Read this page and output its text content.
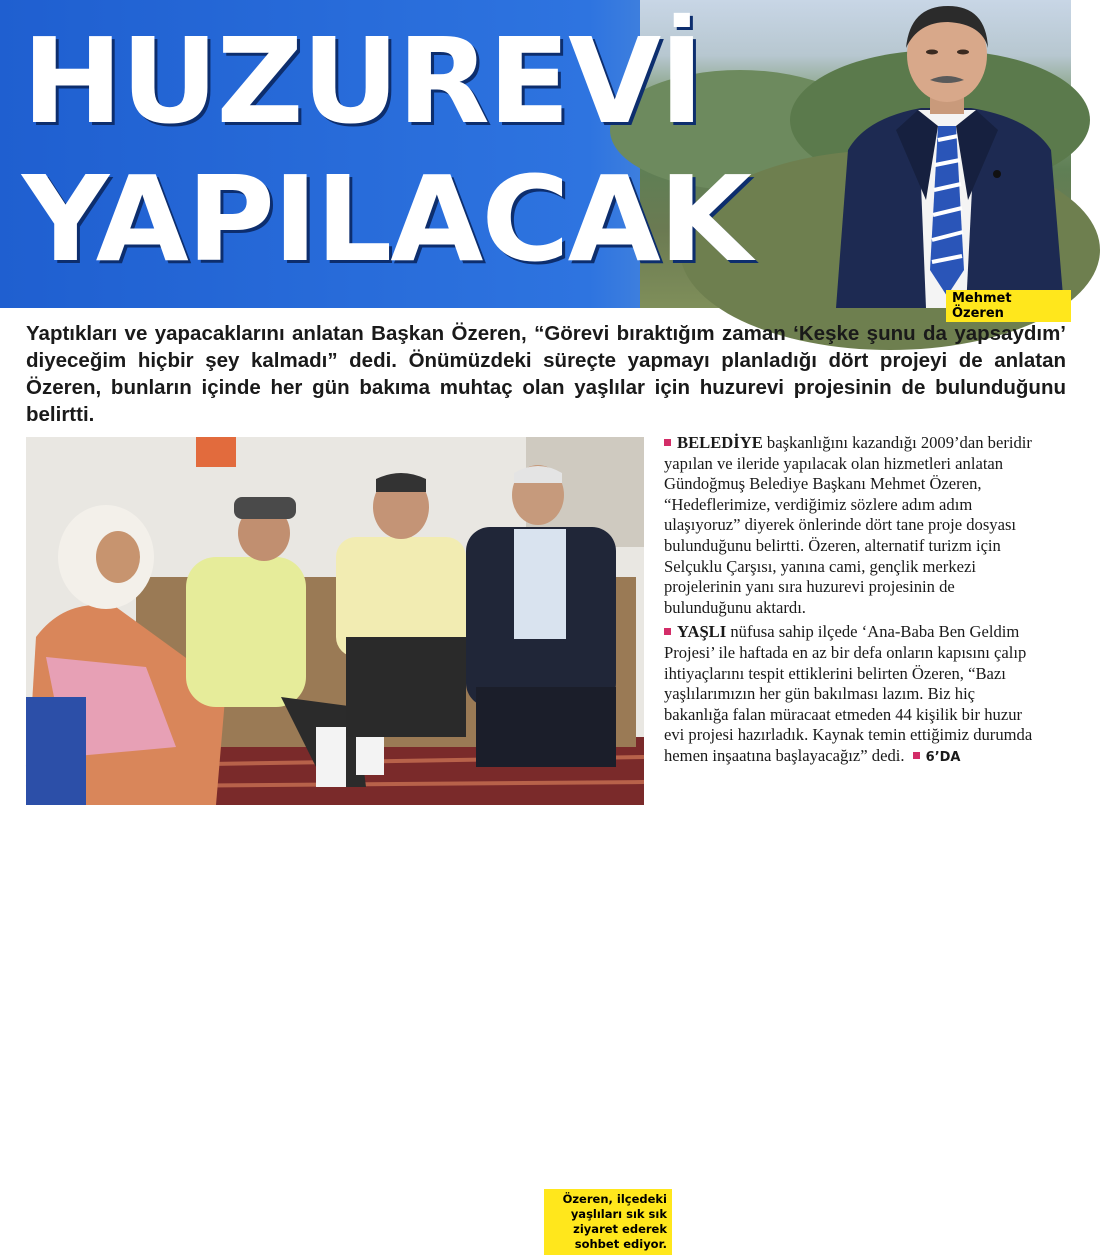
HUZUREVİ
YAPILACAK
Mehmet Özeren
Yaptıkları ve yapacaklarını anlatan Başkan Özeren, “Görevi bıraktığım zaman ‘Keşke şunu da yapsaydım’ diyeceğim hiçbir şey kalmadı” dedi. Önümüzdeki süreçte yapmayı planladığı dört projeyi de anlatan Özeren, bunların içinde her gün bakıma muhtaç olan yaşlılar için huzurevi projesinin de bulunduğunu belirtti.
Özeren, ilçedeki yaşlıları sık sık ziyaret ederek sohbet ediyor.

BELEDİYE başkanlığını kazandığı 2009’dan beridir yapılan ve ileride yapılacak olan hizmetleri anlatan Gündoğmuş Belediye Başkanı Mehmet Özeren, “Hedeflerimize, verdiğimiz sözlere adım adım ulaşıyoruz” diyerek önlerinde dört tane proje dosyası bulunduğunu belirtti. Özeren, alternatif turizm için Selçuklu Çarşısı, yanına cami, gençlik merkezi projelerinin yanı sıra huzurevi projesinin de bulunduğunu aktardı.

YAŞLI nüfusa sahip ilçede ‘Ana-Baba Ben Geldim Projesi’ ile haftada en az bir defa onların kapısını çalıp ihtiyaçlarını tespit ettiklerini belirten Özeren, “Bazı yaşlılarımızın her gün bakılması lazım. Biz hiç bakanlığa falan müracaat etmeden 44 kişilik bir huzur evi projesi hazırladık. Kaynak temin ettiğimiz durumda hemen inşaatına başlayacağız” dedi. 6’DA
